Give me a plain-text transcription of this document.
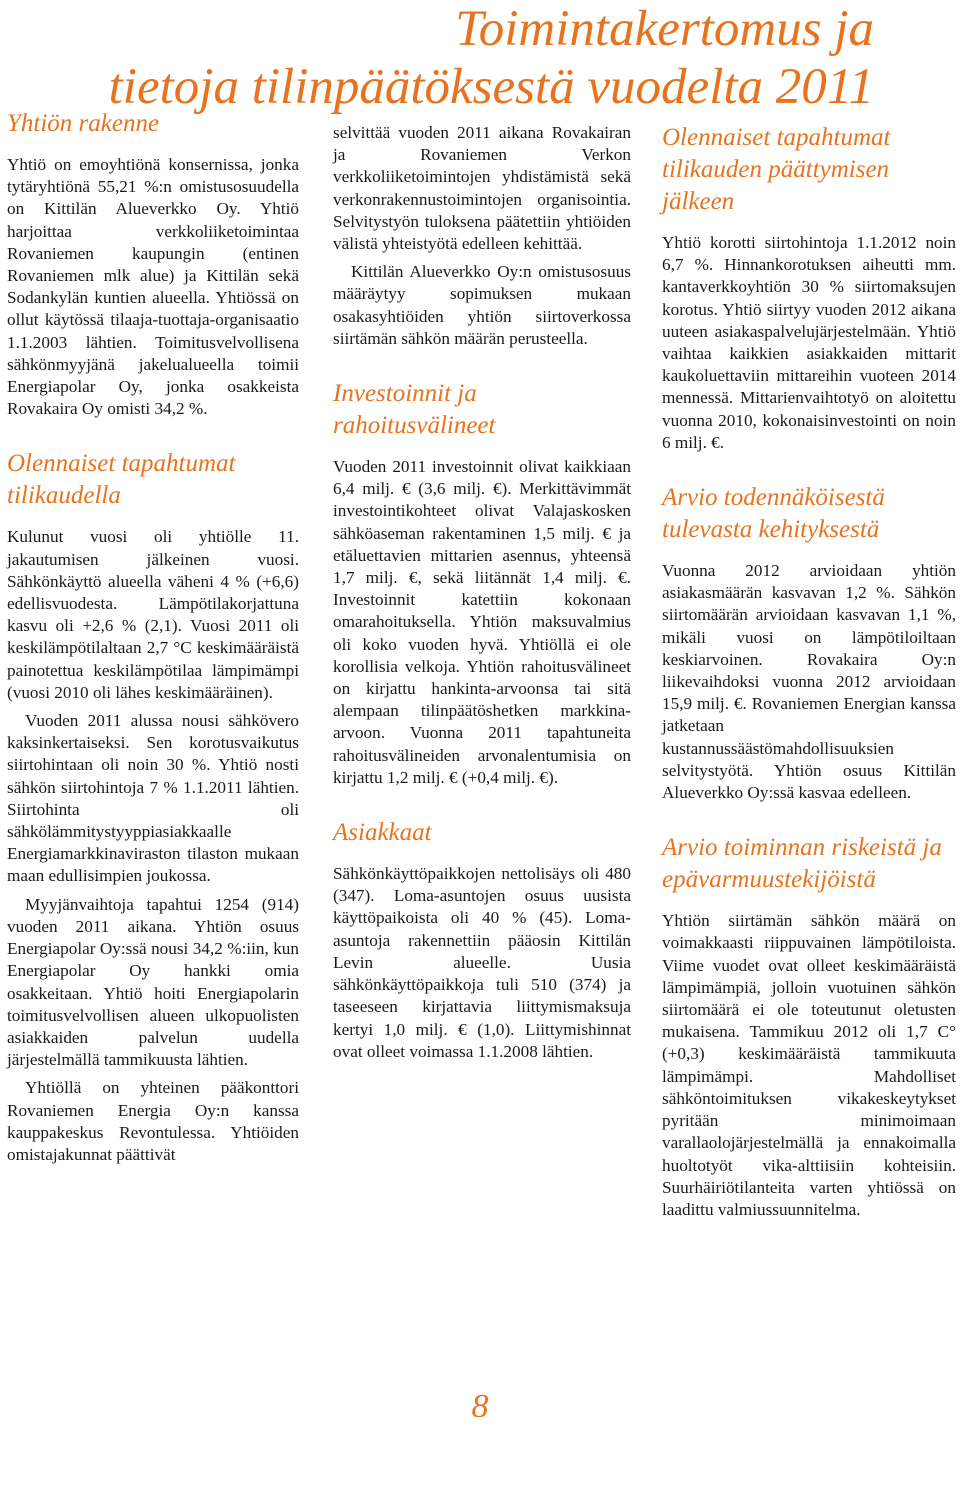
Toimintakertomus ja
tietoja tilinpäätöksestä vuodelta 2011
Yhtiön rakenne

Yhtiö on emoyhtiönä konsernissa, jonka tytäryhtiönä 55,21 %:n omistusosuudella on Kittilän Alueverkko Oy. Yhtiö harjoittaa verkkoliiketoimintaa Rovaniemen kaupungin (entinen Rovaniemen mlk alue) ja Kittilän sekä Sodankylän kuntien alueella. Yhtiössä on ollut käytössä tilaaja-tuottaja-organisaatio 1.1.2003 lähtien. Toimitusvelvollisena sähkönmyyjänä jakelualueella toimii Energiapolar Oy, jonka osakkeista Rovakaira Oy omisti 34,2 %.

Olennaiset tapahtumat tilikaudella

Kulunut vuosi oli yhtiölle 11. jakautumisen jälkeinen vuosi. Sähkönkäyttö alueella väheni 4 % (+6,6) edellisvuodesta. Lämpötilakorjattuna kasvu oli +2,6 % (2,1). Vuosi 2011 oli keskilämpötilaltaan 2,7 °C keskimääräistä painotettua keskilämpötilaa lämpimämpi (vuosi 2010 oli lähes keskimääräinen).

Vuoden 2011 alussa nousi sähkövero kaksinkertaiseksi. Sen korotusvaikutus siirtohintaan oli noin 30 %. Yhtiö nosti sähkön siirtohintoja 7 % 1.1.2011 lähtien. Siirtohinta oli sähkölämmitystyyppiasiakkaalle Energiamarkkinaviraston tilaston mukaan maan edullisimpien joukossa.

Myyjänvaihtoja tapahtui 1254 (914) vuoden 2011 aikana. Yhtiön osuus Energiapolar Oy:ssä nousi 34,2 %:iin, kun Energiapolar Oy hankki omia osakkeitaan. Yhtiö hoiti Energiapolarin toimitusvelvollisen alueen ulkopuolisten asiakkaiden palvelun uudella järjestelmällä tammikuusta lähtien.

Yhtiöllä on yhteinen pääkonttori Rovaniemen Energia Oy:n kanssa kauppakeskus Revontulessa. Yhtiöiden omistajakunnat päättivät

selvittää vuoden 2011 aikana Rovakairan ja Rovaniemen Verkon verkkoliiketoimintojen yhdistämistä sekä verkonrakennustoimintojen organisointia. Selvitystyön tuloksena päätettiin yhtiöiden välistä yhteistyötä edelleen kehittää.

Kittilän Alueverkko Oy:n omistusosuus määräytyy sopimuksen mukaan osakasyhtiöiden yhtiön siirtoverkossa siirtämän sähkön määrän perusteella.

Investoinnit ja rahoitusvälineet

Vuoden 2011 investoinnit olivat kaikkiaan 6,4 milj. € (3,6 milj. €). Merkittävimmät investointikohteet olivat Valajaskosken sähköaseman rakentaminen 1,5 milj. € ja etäluettavien mittarien asennus, yhteensä 1,7 milj. €, sekä liitännät 1,4 milj. €. Investoinnit katettiin kokonaan omarahoituksella. Yhtiön maksuvalmius oli koko vuoden hyvä. Yhtiöllä ei ole korollisia velkoja. Yhtiön rahoitusvälineet on kirjattu hankinta-arvoonsa tai sitä alempaan tilinpäätöshetken markkina-arvoon. Vuonna 2011 tapahtuneita rahoitusvälineiden arvonalentumisia on kirjattu 1,2 milj. € (+0,4 milj. €).

Asiakkaat

Sähkönkäyttöpaikkojen nettolisäys oli 480 (347). Loma-asuntojen osuus uusista käyttöpaikoista oli 40 % (45). Loma-asuntoja rakennettiin pääosin Kittilän Levin alueelle. Uusia sähkönkäyttöpaikkoja tuli 510 (374) ja taseeseen kirjattavia liittymismaksuja kertyi 1,0 milj. € (1,0). Liittymishinnat ovat olleet voimassa 1.1.2008 lähtien.

Olennaiset tapahtumat tilikauden päättymisen jälkeen

Yhtiö korotti siirtohintoja 1.1.2012 noin 6,7 %. Hinnankorotuksen aiheutti mm. kantaverkkoyhtiön 30 % siirtomaksujen korotus. Yhtiö siirtyy vuoden 2012 aikana uuteen asiakaspalvelujärjestelmään. Yhtiö vaihtaa kaikkien asiakkaiden mittarit kaukoluettaviin mittareihin vuoteen 2014 mennessä. Mittarienvaihtotyö on aloitettu vuonna 2010, kokonaisinvestointi on noin 6 milj. €.

Arvio todennäköisestä tulevasta kehityksestä

Vuonna 2012 arvioidaan yhtiön asiakasmäärän kasvavan 1,2 %. Sähkön siirtomäärän arvioidaan kasvavan 1,1 %, mikäli vuosi on lämpötiloiltaan keskiarvoinen. Rovakaira Oy:n liikevaihdoksi vuonna 2012 arvioidaan 15,9 milj. €. Rovaniemen Energian kanssa jatketaan kustannussäästömahdollisuuksien selvitystyötä. Yhtiön osuus Kittilän Alueverkko Oy:ssä kasvaa edelleen.

Arvio toiminnan riskeistä ja epävarmuustekijöistä

Yhtiön siirtämän sähkön määrä on voimakkaasti riippuvainen lämpötiloista. Viime vuodet ovat olleet keskimääräistä lämpimämpiä, jolloin vuotuinen sähkön siirtomäärä ei ole toteutunut oletusten mukaisena. Tammikuu 2012 oli 1,7 C° (+0,3) keskimääräistä tammikuuta lämpimämpi. Mahdolliset sähköntoimituksen vikakeskeytykset pyritään minimoimaan varallaolojärjestelmällä ja ennakoimalla huoltotyöt vika-alttiisiin kohteisiin. Suurhäiriötilanteita varten yhtiössä on laadittu valmiussuunnitelma.

8
